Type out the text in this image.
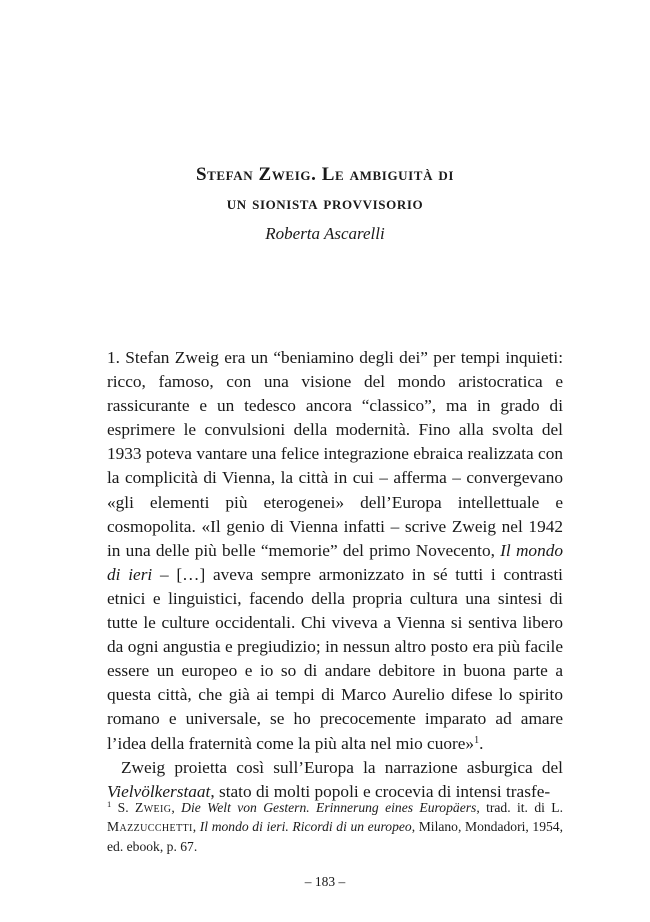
Stefan Zweig. Le ambiguità di
un sionista provvisorio

Roberta Ascarelli

1. Stefan Zweig era un “beniamino degli dei” per tempi inquieti: ricco, famoso, con una visione del mondo aristocratica e rassicurante e un tedesco ancora “classico”, ma in grado di esprimere le convulsioni della modernità. Fino alla svolta del 1933 poteva vantare una felice integrazione ebraica realizzata con la complicità di Vienna, la città in cui – afferma – convergevano «gli elementi più eterogenei» dell’Europa intellettuale e cosmopolita. «Il genio di Vienna infatti – scrive Zweig nel 1942 in una delle più belle “memorie” del primo Novecento, Il mondo di ieri – […] aveva sempre armonizzato in sé tutti i contrasti etnici e linguistici, facendo della propria cultura una sintesi di tutte le culture occidentali. Chi viveva a Vienna si sentiva libero da ogni angustia e pregiudizio; in nessun altro posto era più facile essere un europeo e io so di andare debitore in buona parte a questa città, che già ai tempi di Marco Aurelio difese lo spirito romano e universale, se ho precocemente imparato ad amare l’idea della fraternità come la più alta nel mio cuore»$^1$.

Zweig proietta così sull’Europa la narrazione asburgica del Vielvölkerstaat, stato di molti popoli e crocevia di intensi trasfe-

$^1$ S. Zweig, Die Welt von Gestern. Erinnerung eines Europäers, trad. it. di L. Mazzucchetti, Il mondo di ieri. Ricordi di un europeo, Milano, Mondadori, 1954, ed. ebook, p. 67.

– 183 –
